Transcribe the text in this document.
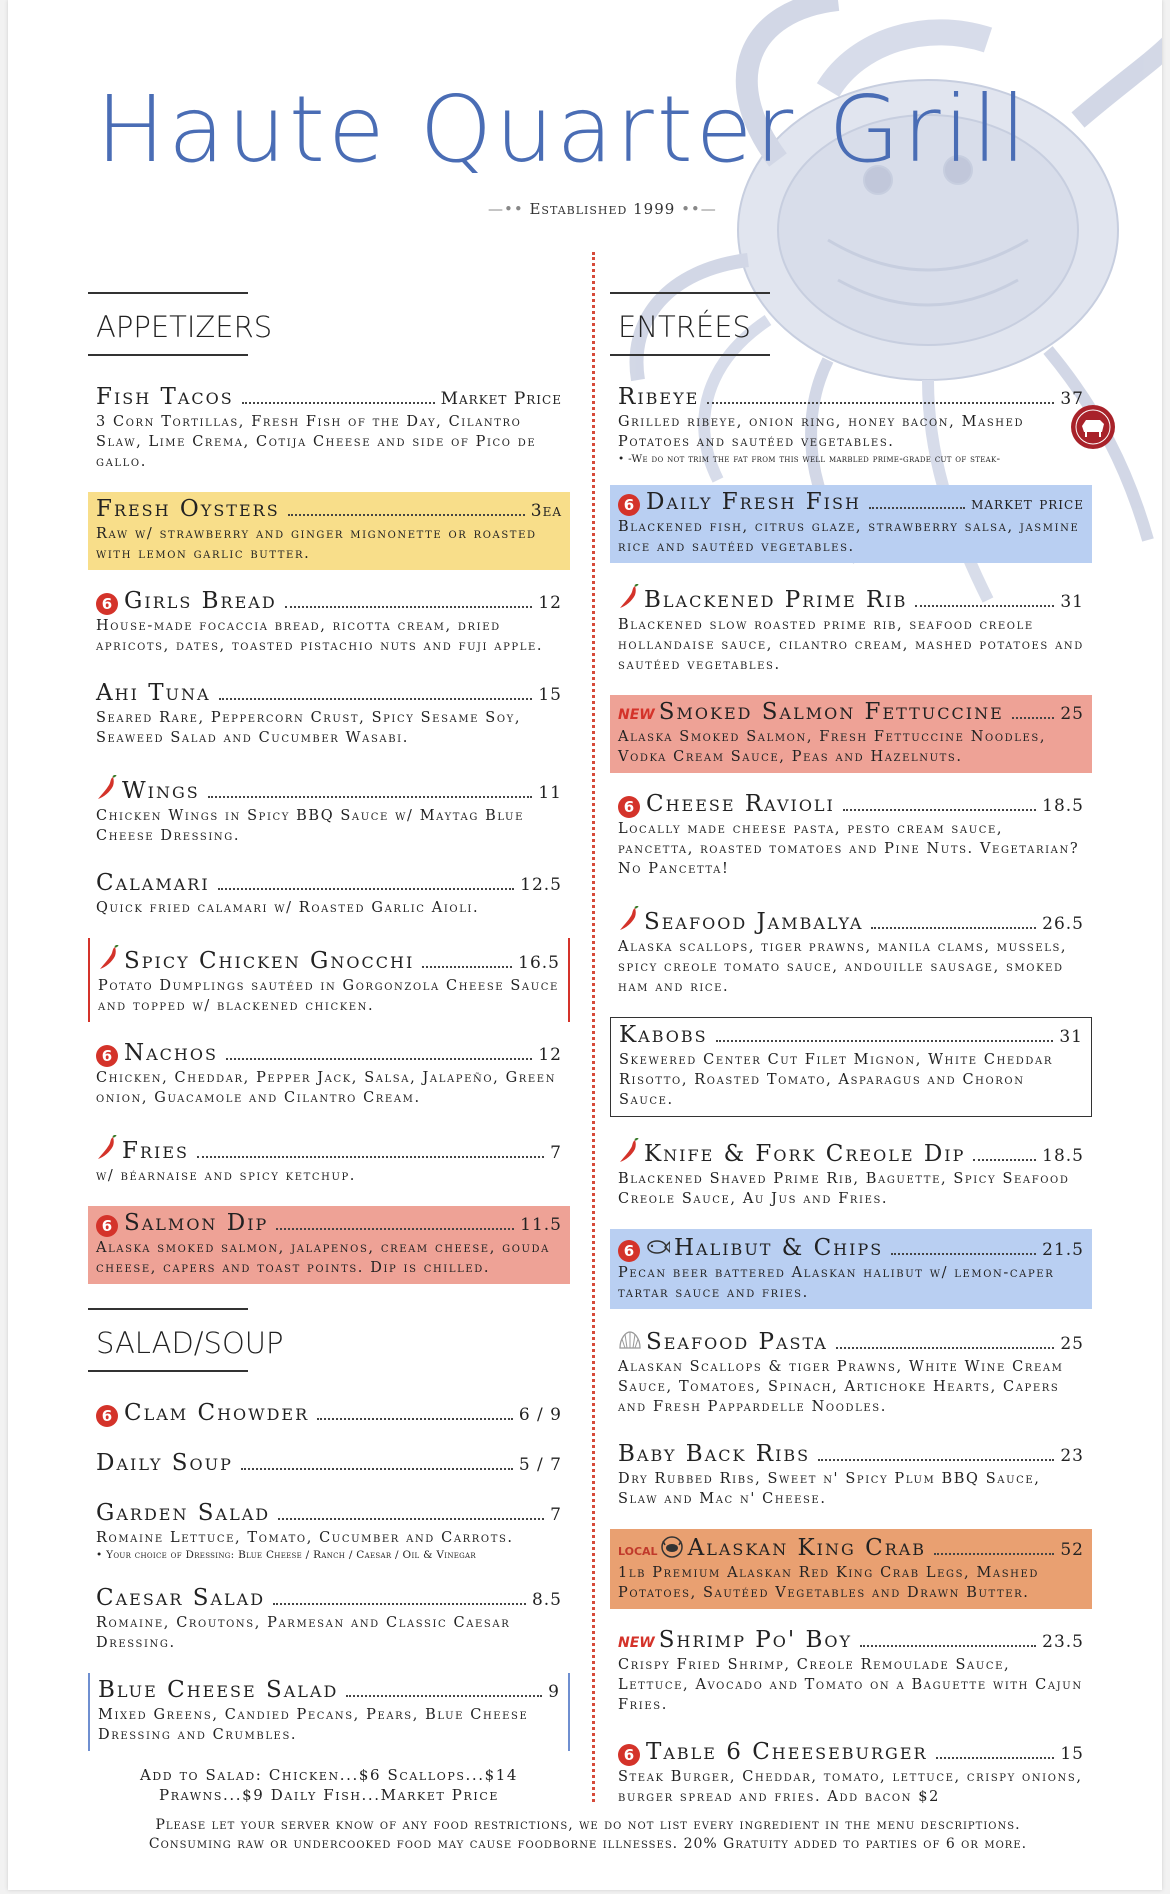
Haute Quarter Grill
—•• Established 1999 ••—
APPETIZERS
Fish Tacos	Market Price
3 Corn Tortillas, Fresh Fish of the Day, Cilantro Slaw, Lime Crema, Cotija Cheese and side of Pico de gallo.
Fresh Oysters	3ea
Raw w/ strawberry and ginger mignonette or roasted with lemon garlic butter.
6 Girls Bread	12
House-made focaccia bread, ricotta cream, dried apricots, dates, toasted pistachio nuts and fuji apple.
Ahi Tuna	15
Seared Rare, Peppercorn Crust, Spicy Sesame Soy, Seaweed Salad and Cucumber Wasabi.
Wings	11
Chicken Wings in Spicy BBQ Sauce w/ Maytag Blue Cheese Dressing.
Calamari	12.5
Quick fried calamari w/ Roasted Garlic Aioli.
Spicy Chicken Gnocchi	16.5
Potato Dumplings sautéed in Gorgonzola Cheese Sauce and topped w/ blackened chicken.
6 Nachos	12
Chicken, Cheddar, Pepper Jack, Salsa, Jalapeño, Green onion, Guacamole and Cilantro Cream.
Fries	7
w/ béarnaise and spicy ketchup.
6 Salmon Dip	11.5
Alaska smoked salmon, jalapenos, cream cheese, gouda cheese, capers and toast points. Dip is chilled.
SALAD/SOUP
6 Clam Chowder	6 / 9
Daily Soup	5 / 7
Garden Salad	7
Romaine Lettuce, Tomato, Cucumber and Carrots.
• Your choice of Dressing: Blue Cheese / Ranch / Caesar / Oil & Vinegar
Caesar Salad	8.5
Romaine, Croutons, Parmesan and Classic Caesar Dressing.
Blue Cheese Salad	9
Mixed Greens, Candied Pecans, Pears, Blue Cheese Dressing and Crumbles.
Add to Salad: Chicken...$6 Scallops...$14
Prawns...$9 Daily Fish...Market Price
ENTRÉES
Ribeye	37
Grilled ribeye, onion ring, honey bacon, Mashed Potatoes and sautéed vegetables.
• -We do not trim the fat from this well marbled prime-grade cut of steak-
6 Daily Fresh Fish	market price
Blackened fish, citrus glaze, strawberry salsa, jasmine rice and sautéed vegetables.
Blackened Prime Rib	31
Blackened slow roasted prime rib, seafood creole hollandaise sauce, cilantro cream, mashed potatoes and sautéed vegetables.
NEW Smoked Salmon Fettuccine	25
Alaska Smoked Salmon, Fresh Fettuccine Noodles, Vodka Cream Sauce, Peas and Hazelnuts.
6 Cheese Ravioli	18.5
Locally made cheese pasta, pesto cream sauce, pancetta, roasted tomatoes and Pine Nuts. Vegetarian? No Pancetta!
Seafood Jambalya	26.5
Alaska scallops, tiger prawns, manila clams, mussels, spicy creole tomato sauce, andouille sausage, smoked ham and rice.
Kabobs	31
Skewered Center Cut Filet Mignon, White Cheddar Risotto, Roasted Tomato, Asparagus and Choron Sauce.
Knife & Fork Creole Dip	18.5
Blackened Shaved Prime Rib, Baguette, Spicy Seafood Creole Sauce, Au Jus and Fries.
6 Halibut & Chips	21.5
Pecan beer battered Alaskan halibut w/ lemon-caper tartar sauce and fries.
Seafood Pasta	25
Alaskan Scallops & tiger Prawns, White Wine Cream Sauce, Tomatoes, Spinach, Artichoke Hearts, Capers and Fresh Pappardelle Noodles.
Baby Back Ribs	23
Dry Rubbed Ribs, Sweet n' Spicy Plum BBQ Sauce, Slaw and Mac n' Cheese.
LOCAL Alaskan King Crab	52
1lb Premium Alaskan Red King Crab Legs, Mashed Potatoes, Sautéed Vegetables and Drawn Butter.
NEW Shrimp Po' Boy	23.5
Crispy Fried Shrimp, Creole Remoulade Sauce, Lettuce, Avocado and Tomato on a Baguette with Cajun Fries.
6 Table 6 Cheeseburger	15
Steak Burger, Cheddar, tomato, lettuce, crispy onions, burger spread and fries. Add bacon $2
Please let your server know of any food restrictions, we do not list every ingredient in the menu descriptions.
Consuming raw or undercooked food may cause foodborne illnesses. 20% Gratuity added to parties of 6 or more.
